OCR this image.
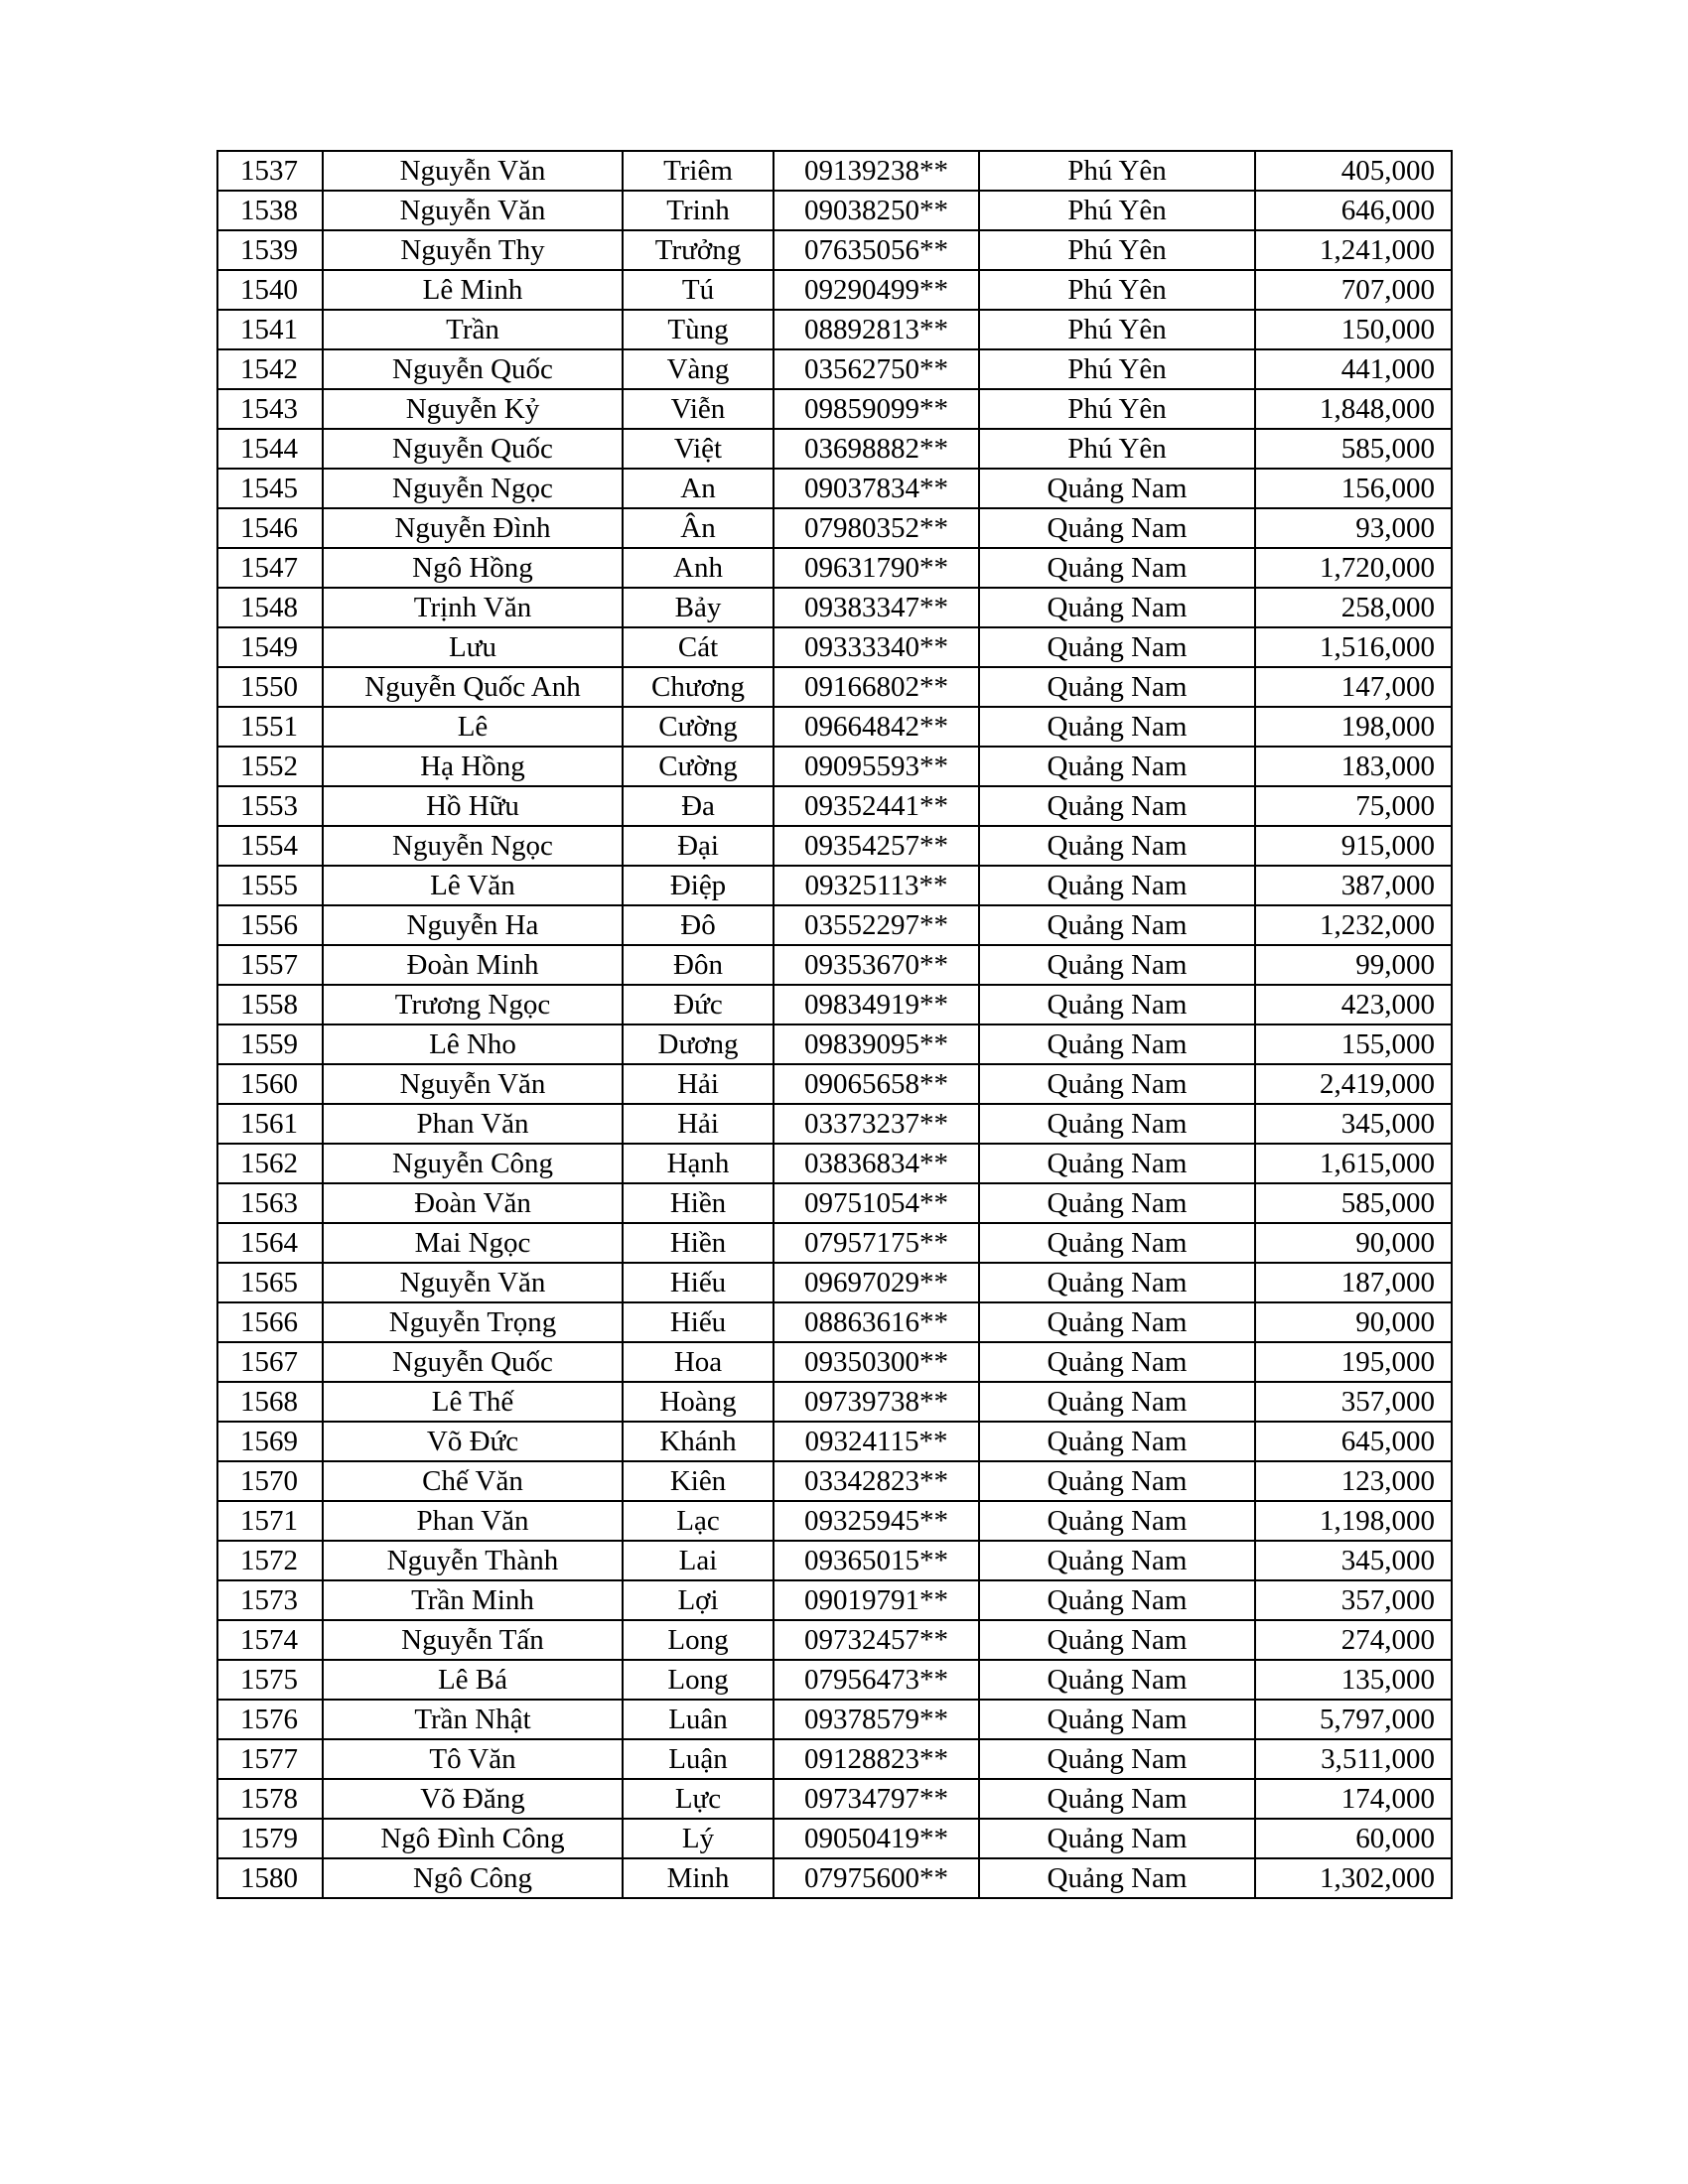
1537	Nguyễn Văn	Triêm	09139238**	Phú Yên	405,000
1538	Nguyễn Văn	Trinh	09038250**	Phú Yên	646,000
1539	Nguyễn Thy	Trưởng	07635056**	Phú Yên	1,241,000
1540	Lê Minh	Tú	09290499**	Phú Yên	707,000
1541	Trần	Tùng	08892813**	Phú Yên	150,000
1542	Nguyễn Quốc	Vàng	03562750**	Phú Yên	441,000
1543	Nguyễn Kỷ	Viễn	09859099**	Phú Yên	1,848,000
1544	Nguyễn Quốc	Việt	03698882**	Phú Yên	585,000
1545	Nguyễn Ngọc	An	09037834**	Quảng Nam	156,000
1546	Nguyễn Đình	Ân	07980352**	Quảng Nam	93,000
1547	Ngô Hồng	Anh	09631790**	Quảng Nam	1,720,000
1548	Trịnh Văn	Bảy	09383347**	Quảng Nam	258,000
1549	Lưu	Cát	09333340**	Quảng Nam	1,516,000
1550	Nguyễn Quốc Anh	Chương	09166802**	Quảng Nam	147,000
1551	Lê	Cường	09664842**	Quảng Nam	198,000
1552	Hạ Hồng	Cường	09095593**	Quảng Nam	183,000
1553	Hồ Hữu	Đa	09352441**	Quảng Nam	75,000
1554	Nguyễn Ngọc	Đại	09354257**	Quảng Nam	915,000
1555	Lê Văn	Điệp	09325113**	Quảng Nam	387,000
1556	Nguyễn Ha	Đô	03552297**	Quảng Nam	1,232,000
1557	Đoàn Minh	Đôn	09353670**	Quảng Nam	99,000
1558	Trương Ngọc	Đức	09834919**	Quảng Nam	423,000
1559	Lê Nho	Dương	09839095**	Quảng Nam	155,000
1560	Nguyễn Văn	Hải	09065658**	Quảng Nam	2,419,000
1561	Phan Văn	Hải	03373237**	Quảng Nam	345,000
1562	Nguyễn Công	Hạnh	03836834**	Quảng Nam	1,615,000
1563	Đoàn Văn	Hiền	09751054**	Quảng Nam	585,000
1564	Mai Ngọc	Hiền	07957175**	Quảng Nam	90,000
1565	Nguyễn Văn	Hiếu	09697029**	Quảng Nam	187,000
1566	Nguyễn Trọng	Hiếu	08863616**	Quảng Nam	90,000
1567	Nguyễn Quốc	Hoa	09350300**	Quảng Nam	195,000
1568	Lê Thế	Hoàng	09739738**	Quảng Nam	357,000
1569	Võ Đức	Khánh	09324115**	Quảng Nam	645,000
1570	Chế Văn	Kiên	03342823**	Quảng Nam	123,000
1571	Phan Văn	Lạc	09325945**	Quảng Nam	1,198,000
1572	Nguyễn Thành	Lai	09365015**	Quảng Nam	345,000
1573	Trần Minh	Lợi	09019791**	Quảng Nam	357,000
1574	Nguyễn Tấn	Long	09732457**	Quảng Nam	274,000
1575	Lê Bá	Long	07956473**	Quảng Nam	135,000
1576	Trần Nhật	Luân	09378579**	Quảng Nam	5,797,000
1577	Tô Văn	Luận	09128823**	Quảng Nam	3,511,000
1578	Võ Đăng	Lực	09734797**	Quảng Nam	174,000
1579	Ngô Đình Công	Lý	09050419**	Quảng Nam	60,000
1580	Ngô Công	Minh	07975600**	Quảng Nam	1,302,000
